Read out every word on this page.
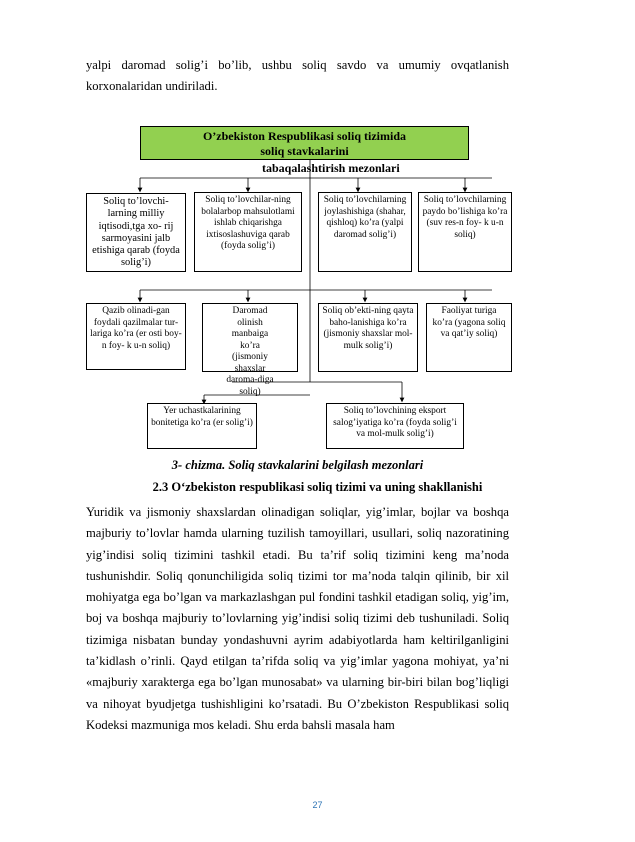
yalpi daromad solig’i bo’lib, ushbu soliq savdo va umumiy ovqatlanish
korxonalaridan undiriladi.
O’zbekiston Respublikasi soliq tizimida
soliq stavkalarini
tabaqalashtirish mezonlari
Soliq to’lovchi-larning milliy iqtisodi,tga xo- rij sarmoyasini jalb etishiga qarab (foyda solig’i)
Soliq to’lovchilar-ning bolalarbop mahsulotlami ishlab chiqarishga ixtisoslashuviga qarab (foyda solig’i)
Soliq to’lovchilarning joylashishiga (shahar, qishloq) ko’ra (yalpi daromad solig’i)
Soliq to’lovchilarning paydo bo’lishiga ko’ra (suv res-n foy- k u-n soliq)
Qazib olinadi-gan foydali qazilmalar tur- lariga ko’ra (er osti boy-n foy- k u-n soliq)
Daromad olinish manbaiga ko’ra (jismoniy shaxslar daroma-diga soliq)
Soliq ob’ekti-ning qayta baho-lanishiga ko’ra (jismoniy shaxslar mol-mulk solig’i)
Faoliyat turiga ko’ra (yagona soliq va qat’iy soliq)
Yer uchastkalarining bonitetiga ko’ra (er solig’i)
Soliq to’lovchining eksport salog’iyatiga ko’ra (foyda solig’i va mol-mulk solig’i)
3- chizma. Soliq stavkalarini belgilash mezonlari
2.3 O‘zbekiston respublikasi soliq tizimi va uning shakllanishi
Yuridik va jismoniy shaxslardan olinadigan soliqlar, yig’imlar, bojlar va boshqa majburiy to’lovlar hamda ularning tuzilish tamoyillari, usullari, soliq nazoratining yig’indisi soliq tizimini tashkil etadi. Bu ta’rif soliq tizimini keng ma’noda tushunishdir. Soliq qonunchiligida soliq tizimi tor ma’noda talqin qilinib, bir xil mohiyatga ega bo’lgan va markazlashgan pul fondini tashkil etadigan soliq, yig’im, boj va boshqa majburiy to’lovlarning yig’indisi soliq tizimi deb tushuniladi. Soliq tizimiga nisbatan bunday yondashuvni ayrim adabiyotlarda ham keltirilganligini ta’kidlash o’rinli. Qayd etilgan ta’rifda soliq va yig’imlar yagona mohiyat, ya’ni «majburiy xarakterga ega bo’lgan munosabat» va ularning bir-biri bilan bog’liqligi va nihoyat byudjetga tushishligini ko’rsatadi. Bu O’zbekiston Respublikasi soliq Kodeksi mazmuniga mos keladi. Shu erda bahsli masala ham
27
